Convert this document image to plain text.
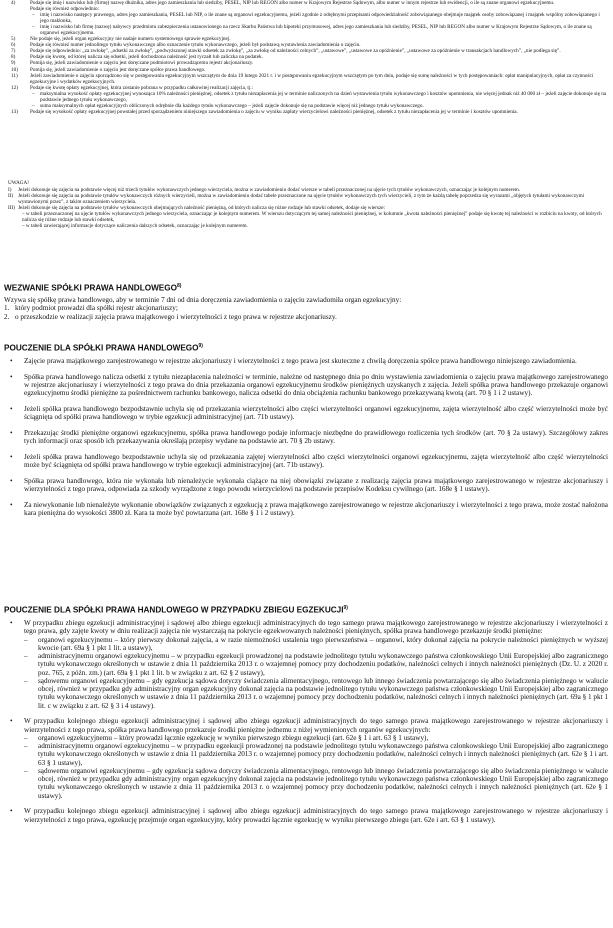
4)	Podaje się imię i nazwisko lub (firmę) nazwę dłużnika, adres jego zamieszkania lub siedziby, PESEL, NIP lub REGON albo numer w Krajowym Rejestrze Sądowym, albo numer w innym rejestrze lub ewidencji, o ile są znane organowi egzekucyjnemu.
Podaje się również odpowiednio:
– imię i nazwisko następcy prawnego, adres jego zamieszkania, PESEL lub NIP, o ile znane są organowi egzekucyjnemu, jeżeli zgodnie z odrębnymi przepisami odpowiedzialność zobowiązanego obejmuje majątek osoby zobowiązanej i majątek wspólny zobowiązanego i jego małżonka,
– imię i nazwisko lub firmę (nazwę) nabywcy przedmiotu zabezpieczenia ustanowionego na rzecz Skarbu Państwa lub hipoteki przymusowej, adres jego zamieszkania lub siedziby, PESEL, NIP lub REGON albo numer w Krajowym Rejestrze Sądowym, o ile znane są organowi egzekucyjnemu.
5)	Nie podaje się, jeżeli organ egzekucyjny nie nadaje numeru systemowego sprawie egzekucyjnej.
6)	Podaje się również numer jednolitego tytułu wykonawczego albo oznaczenie tytułu wykonawczego, jeżeli był podstawą wystawienia zawiadomienia o zajęciu.
7)	Podaje się odpowiednio: „za zwłokę”, „odsetki za zwłokę”, „podwyższonej stawki odsetek za zwłokę”, „za zwłokę od należności celnych”, „ustawowe”, „ustawowe za opóźnienie”, „ustawowe za opóźnienie w transakcjach handlowych”, „nie podlega się”.
8)	Podaje się kwotę, od której nalicza się odsetki, jeżeli dochodzona należność jest ryczałt lub zaliczka na podatek.
9)	Pomija się, jeżeli zawiadomienie o zajęciu jest doręczane podmiotowi prowadzącemu rejestr akcjonariuszy.
10) Pomija się, jeżeli zawiadomienie o zajęciu jest doręczane spółce prawa handlowego.
11) Jeżeli zawiadomienie o zajęciu sporządzono się w postępowaniu egzekucyjnym wszczętym do dnia 19 lutego 2021 r. i w postępowaniu egzekucyjnym wszczętym po tym dniu, podaje się sumę należności w tych postępowaniach: opłat manipulacyjnych, opłat za czynności egzekucyjne i wydatków egzekucyjnych.
12) Podaje się kwotę opłaty egzekucyjnej, która zostanie pobrana w przypadku całkowitej realizacji zajęcia, tj.:
– maksymalna wysokość opłaty egzekucyjnej wynosząca 10% należności pieniężnej, odsetek z tytułu niezapłacenia jej w terminie naliczonych na dzień wystawienia tytułu wykonawczego i kosztów upomnienia, nie więcej jednak niż 40 000 zł – jeżeli zajęcie dokonuje się na podstawie jednego tytułu wykonawczego,
– suma maksymalnych opłat egzekucyjnych obliczonych odrębnie dla każdego tytułu wykonawczego – jeżeli zajęcie dokonuje się na podstawie więcej niż jednego tytułu wykonawczego.
13) Podaje się wysokość opłaty egzekucyjnej powstałej przed sporządzeniem niniejszego zawiadomienia o zajęciu w wyniku zapłaty wierzycielowi należności pieniężnej, odsetek z tytułu niezapłacenia jej w terminie i kosztów upomnienia.
UWAGA!
I) Jeżeli dokonuje się zajęcia na podstawie więcej niż trzech tytułów wykonawczych jednego wierzyciela, można w zawiadomieniu dodać wiersze w tabeli przeznaczonej na ujęcie tych tytułów wykonawczych, oznaczając je kolejnym numerem.
II) Jeżeli dokonuje się zajęcia na podstawie tytułów wykonawczych różnych wierzycieli, można w zawiadomieniu dodać tabele przeznaczone na ujęcie tytułów wykonawczych tych wierzycieli, z tym że każdą tabelę poprzedza się wyrazami „objętych tytułami wykonawczymi wystawionymi przez”, z takim oznaczeniem wierzyciela.
III) Jeżeli dokonuje się zajęcia na podstawie tytułów wykonawczych obejmujących należność pieniężną, od których nalicza się różne rodzaje lub stawki odsetek, dodaje się wiersze:
– w tabeli przeznaczonej na ujęcie tytułów wykonawczych jednego wierzyciela, oznaczając je kolejnym numerem. W wierszu dotyczącym tej samej należności pieniężnej, w kolumnie „kwota należności pieniężnej” podaje się kwotę tej należności w rozbiciu na kwoty, od których nalicza się różne rodzaje lub stawki odsetek,
– w tabeli zawierającej informacje dotyczące naliczenia dalszych odsetek, oznaczając je kolejnym numerem.
WEZWANIE SPÓŁKI PRAWA HANDLOWEGO$^{8)}$
Wzywa się spółkę prawa handlowego, aby w terminie 7 dni od dnia doręczenia zawiadomienia o zajęciu zawiadomiła organ egzekucyjny:
1. który podmiot prowadzi dla spółki rejestr akcjonariuszy;
2. o przeszkodzie w realizacji zajęcia prawa majątkowego i wierzytelności z tego prawa w rejestrze akcjonariuszy.
POUCZENIE DLA SPÓŁKI PRAWA HANDLOWEGO$^{9)}$
• Zajęcie prawa majątkowego zarejestrowanego w rejestrze akcjonariuszy i wierzytelności z tego prawa jest skuteczne z chwilą doręczenia spółce prawa handlowego niniejszego zawiadomienia.
• Spółka prawa handlowego nalicza odsetki z tytułu niezapłacenia należności w terminie, należne od następnego dnia po dniu wystawienia zawiadomienia o zajęciu prawa majątkowego zarejestrowanego w rejestrze akcjonariuszy i wierzytelności z tego prawa do dnia przekazania organowi egzekucyjnemu środków pieniężnych uzyskanych z zajęcia. Jeżeli spółka prawa handlowego przekazuje organowi egzekucyjnemu środki pieniężne za pośrednictwem rachunku bankowego, nalicza odsetki do dnia obciążenia rachunku bankowego przekazywaną kwotą (art. 70 § 1 i 2 ustawy).
• Jeżeli spółka prawa handlowego bezpodstawnie uchyla się od przekazania wierzytelności albo części wierzytelności organowi egzekucyjnemu, zajęta wierzytelność albo część wierzytelności może być ściągnięta od spółki prawa handlowego w trybie egzekucji administracyjnej (art. 71b ustawy).
• Przekazując środki pieniężne organowi egzekucyjnemu, spółka prawa handlowego podaje informacje niezbędne do prawidłowego rozliczenia tych środków (art. 70 § 2a ustawy). Szczegółowy zakres tych informacji oraz sposób ich przekazywania określają przepisy wydane na podstawie art. 70 § 2b ustawy.
• Jeżeli spółka prawa handlowego bezpodstawnie uchyla się od przekazania zajętej wierzytelności albo części wierzytelności organowi egzekucyjnemu, zajęta wierzytelność albo część wierzytelności może być ściągnięta od spółki prawa handlowego w trybie egzekucji administracyjnej (art. 71b ustawy).
• Spółka prawa handlowego, która nie wykonała lub nienależycie wykonała ciążące na niej obowiązki związane z realizacją zajęcia prawa majątkowego zarejestrowanego w rejestrze akcjonariuszy i wierzytelności z tego prawa, odpowiada za szkody wyrządzone z tego powodu wierzycielowi na podstawie przepisów Kodeksu cywilnego (art. 168e § 1 ustawy).
• Za niewykonanie lub nienależyte wykonanie obowiązków związanych z egzekucją z prawa majątkowego zarejestrowanego w rejestrze akcjonariuszy i wierzytelności z tego prawa, może zostać nałożona kara pieniężna do wysokości 3800 zł. Kara ta może być powtarzana (art. 168e § 1 i 2 ustawy).
POUCZENIE DLA SPÓŁKI PRAWA HANDLOWEGO W PRZYPADKU ZBIEGU EGZEKUCJI$^{9)}$
• W przypadku zbiegu egzekucji administracyjnej i sądowej albo zbiegu egzekucji administracyjnych do tego samego prawa majątkowego zarejestrowanego w rejestrze akcjonariuszy i wierzytelności z tego prawa, gdy zajęte kwoty w dniu realizacji zajęcia nie wystarczają na pokrycie egzekwowanych należności pieniężnych, spółka prawa handlowego przekazuje środki pieniężne:
– organowi egzekucyjnemu – który pierwszy dokonał zajęcia, a w razie niemożności ustalenia tego pierwszeństwa – organowi, który dokonał zajęcia na pokrycie należności pieniężnych w wyższej kwocie (art. 69a § 1 pkt 1 lit. a ustawy),
– administracyjnemu organowi egzekucyjnemu – w przypadku egzekucji prowadzonej na podstawie jednolitego tytułu wykonawczego państwa członkowskiego Unii Europejskiej albo zagranicznego tytułu wykonawczego określonych w ustawie z dnia 11 października 2013 r. o wzajemnej pomocy przy dochodzeniu podatków, należności celnych i innych należności pieniężnych (Dz. U. z 2020 r. poz. 765, z późn. zm.) (art. 69a § 1 pkt 1 lit. b w związku z art. 62 § 2 ustawy),
– sądowemu organowi egzekucyjnemu – gdy egzekucja sądowa dotyczy świadczenia alimentacyjnego, rentowego lub innego świadczenia powtarzającego się albo świadczenia pieniężnego w walucie obcej, również w przypadku gdy administracyjny organ egzekucyjny dokonał zajęcia na podstawie jednolitego tytułu wykonawczego państwa członkowskiego Unii Europejskiej albo zagranicznego tytułu wykonawczego określonych w ustawie z dnia 11 października 2013 r. o wzajemnej pomocy przy dochodzeniu podatków, należności celnych i innych należności pieniężnych (art. 69a § 1 pkt 1 lit. c w związku z art. 62 § 3 i 4 ustawy).
• W przypadku kolejnego zbiegu egzekucji administracyjnej i sądowej albo zbiegu egzekucji administracyjnych do tego samego prawa majątkowego zarejestrowanego w rejestrze akcjonariuszy i wierzytelności z tego prawa, spółka prawa handlowego przekazuje środki pieniężne jednemu z niżej wymienionych organów egzekucyjnych:
– organowi egzekucyjnemu – który prowadzi łącznie egzekucję w wyniku pierwszego zbiegu egzekucji (art. 62e § 1 i art. 63 § 1 ustawy),
– administracyjnemu organowi egzekucyjnemu – w przypadku egzekucji prowadzonej na podstawie jednolitego tytułu wykonawczego państwa członkowskiego Unii Europejskiej albo zagranicznego tytułu wykonawczego określonych w ustawie z dnia 11 października 2013 r. o wzajemnej pomocy przy dochodzeniu podatków, należności celnych i innych należności pieniężnych (art. 62e § 1 i art. 63 § 1 ustawy),
– sądowemu organowi egzekucyjnemu – gdy egzekucja sądowa dotyczy świadczenia alimentacyjnego, rentowego lub innego świadczenia powtarzającego się albo świadczenia pieniężnego w walucie obcej, również w przypadku gdy administracyjny organ egzekucyjny dokonał zajęcia na podstawie jednolitego tytułu wykonawczego państwa członkowskiego Unii Europejskiej albo zagranicznego tytułu wykonawczego określonych w ustawie z dnia 11 października 2013 r. o wzajemnej pomocy przy dochodzeniu podatków, należności celnych i innych należności pieniężnych (art. 62e § 1 ustawy).
• W przypadku kolejnego zbiegu egzekucji administracyjnej i sądowej albo zbiegu egzekucji administracyjnych do tego samego prawa majątkowego zarejestrowanego w rejestrze akcjonariuszy i wierzytelności z tego prawa, egzekucję przejmuje organ egzekucyjny, który prowadzi łącznie egzekucję w wyniku pierwszego zbiegu (art. 62e i art. 63 § 1 ustawy).
